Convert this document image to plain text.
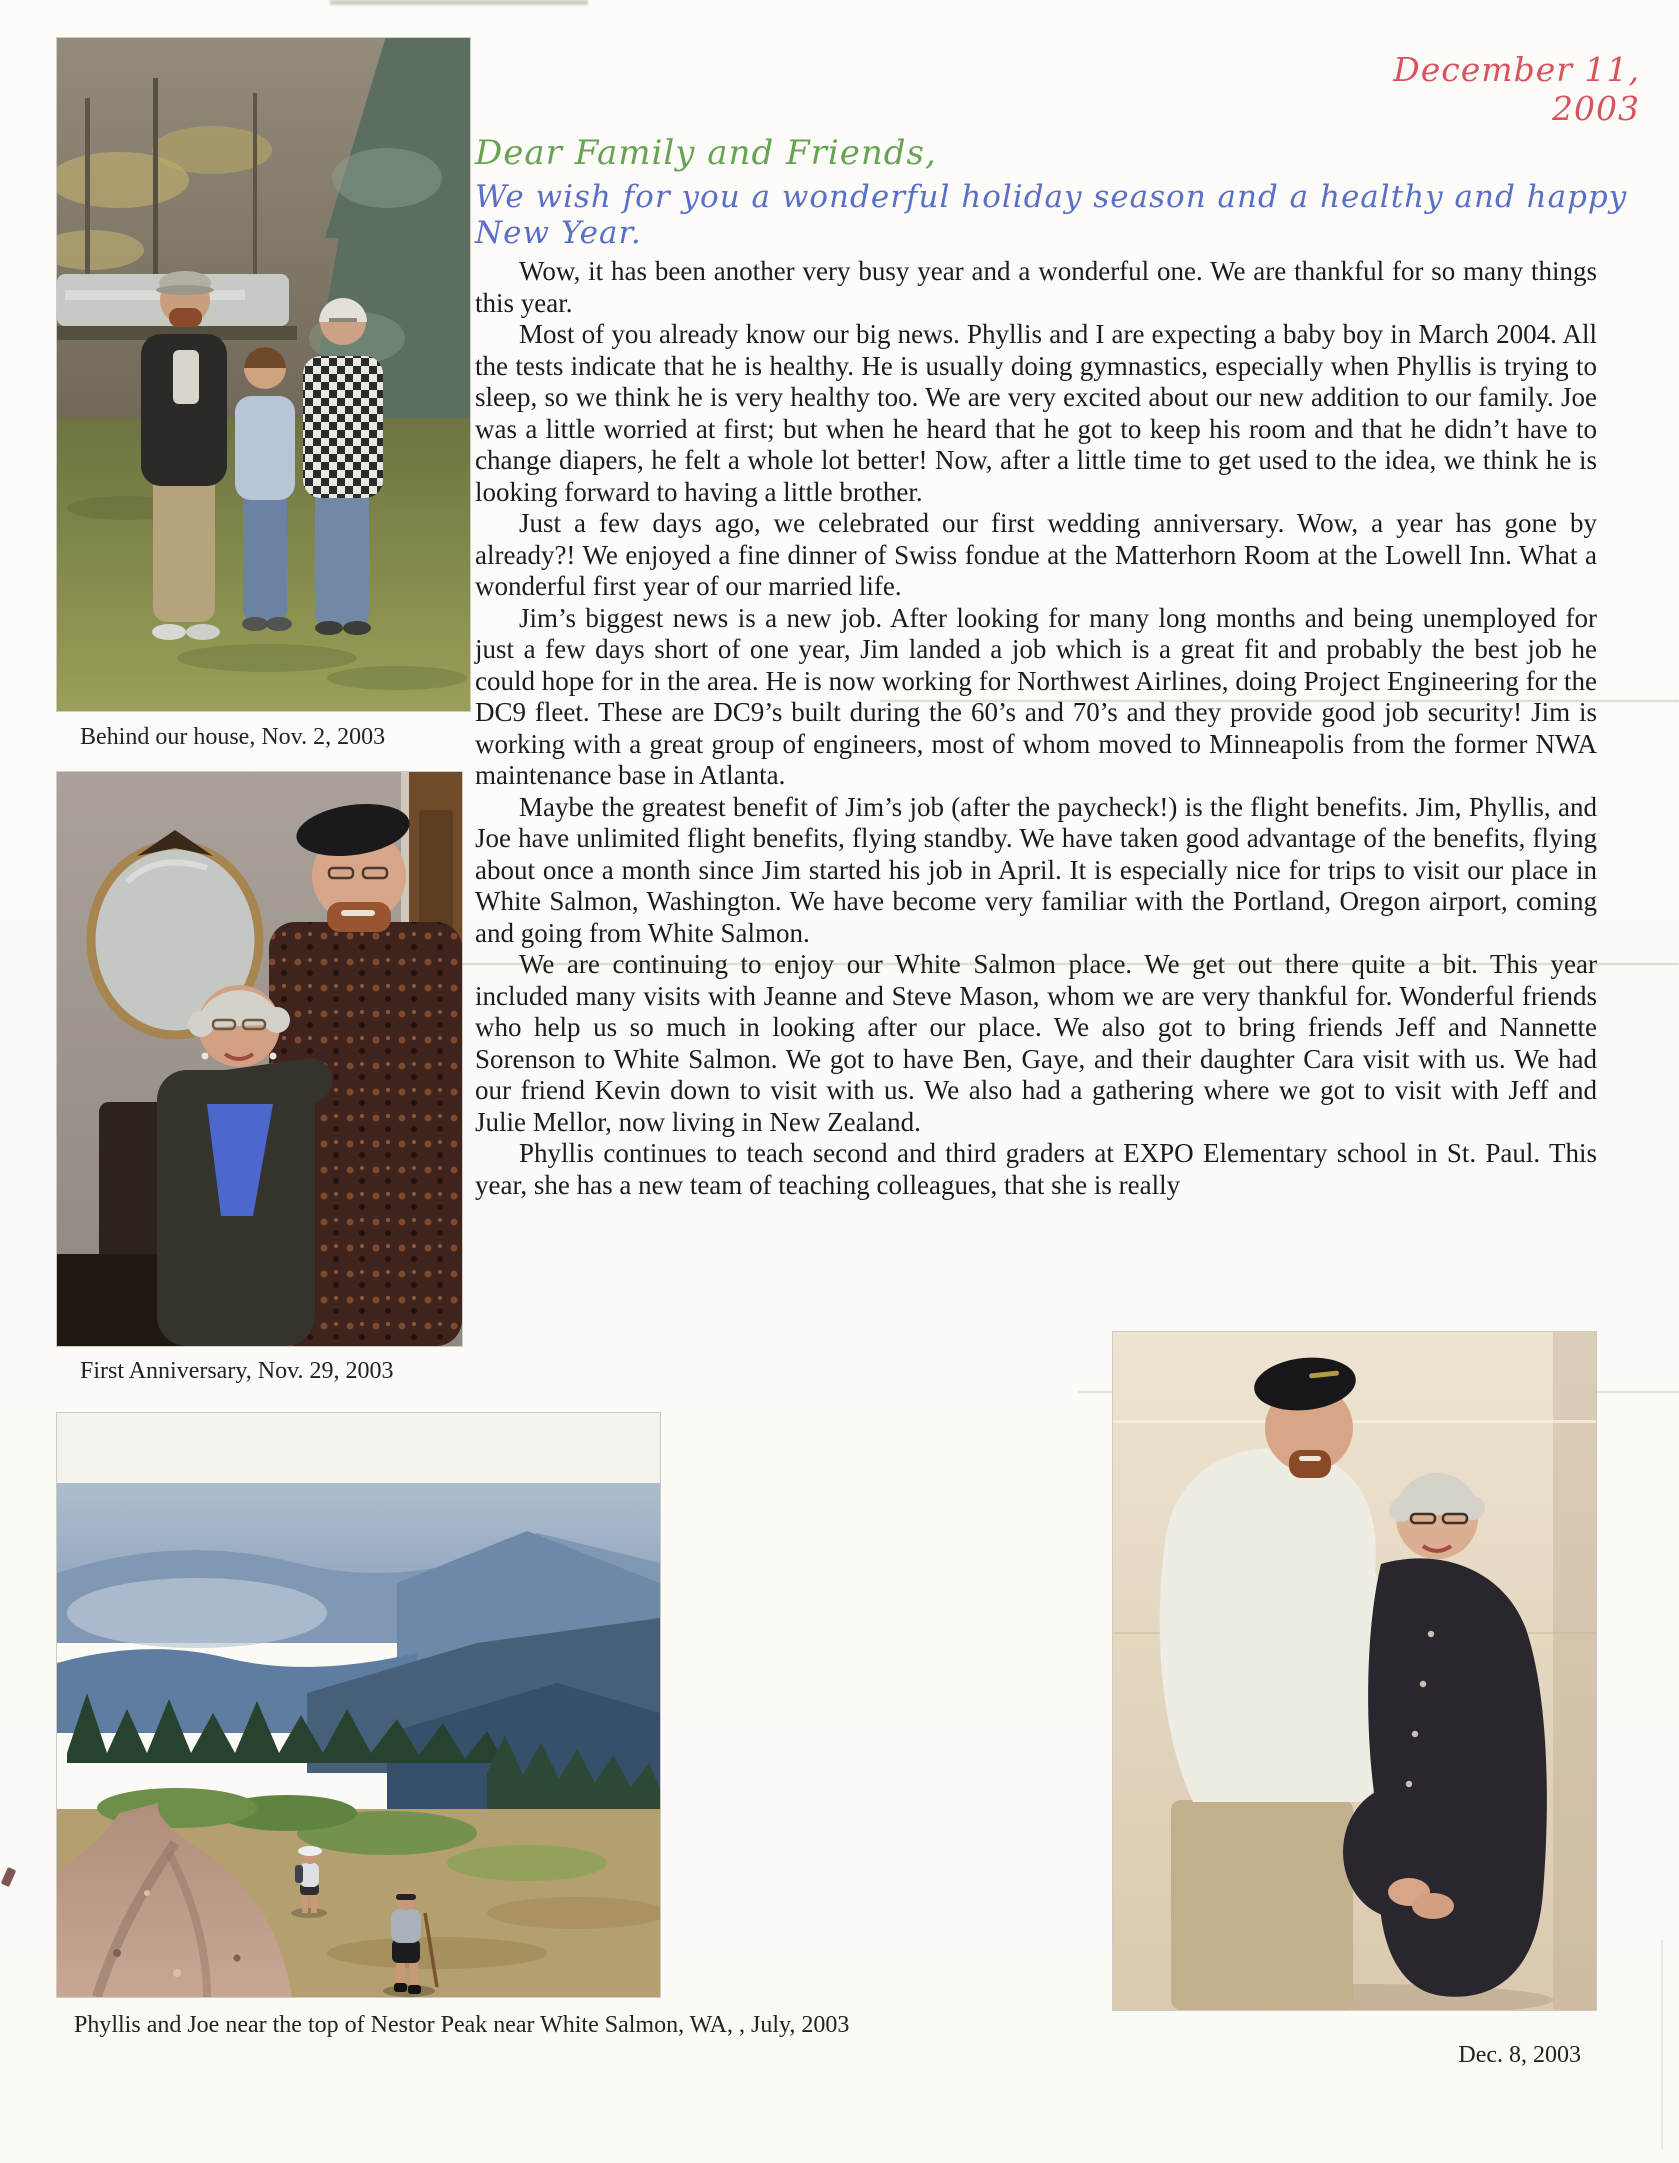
December 11, 2003
Dear Family and Friends,
We wish for you a wonderful holiday season and a healthy and happy New Year.

Wow, it has been another very busy year and a wonderful one. We are thankful for so many things this year.

Most of you already know our big news. Phyllis and I are expecting a baby boy in March 2004. All the tests indicate that he is healthy. He is usually doing gymnastics, especially when Phyllis is trying to sleep, so we think he is very healthy too. We are very excited about our new addition to our family. Joe was a little worried at first; but when he heard that he got to keep his room and that he didn’t have to change diapers, he felt a whole lot better! Now, after a little time to get used to the idea, we think he is looking forward to having a little brother.

Just a few days ago, we celebrated our first wedding anniversary. Wow, a year has gone by already?! We enjoyed a fine dinner of Swiss fondue at the Matterhorn Room at the Lowell Inn. What a wonderful first year of our married life.

Jim’s biggest news is a new job. After looking for many long months and being unemployed for just a few days short of one year, Jim landed a job which is a great fit and probably the best job he could hope for in the area. He is now working for Northwest Airlines, doing Project Engineering for the DC9 fleet. These are DC9’s built during the 60’s and 70’s and they provide good job security! Jim is working with a great group of engineers, most of whom moved to Minneapolis from the former NWA maintenance base in Atlanta.

Maybe the greatest benefit of Jim’s job (after the paycheck!) is the flight benefits. Jim, Phyllis, and Joe have unlimited flight benefits, flying standby. We have taken good advantage of the benefits, flying about once a month since Jim started his job in April. It is especially nice for trips to visit our place in White Salmon, Washington. We have become very familiar with the Portland, Oregon airport, coming and going from White Salmon.

We are continuing to enjoy our White Salmon place. We get out there quite a bit. This year included many visits with Jeanne and Steve Mason, whom we are very thankful for. Wonderful friends who help us so much in looking after our place. We also got to bring friends Jeff and Nannette Sorenson to White Salmon. We got to have Ben, Gaye, and their daughter Cara visit with us. We had our friend Kevin down to visit with us. We also had a gathering where we got to visit with Jeff and Julie Mellor, now living in New Zealand.

Phyllis continues to teach second and third graders at EXPO Elementary school in St. Paul. This year, she has a new team of teaching colleagues, that she is really

Behind our house, Nov. 2, 2003
First Anniversary, Nov. 29, 2003
Phyllis and Joe near the top of Nestor Peak near White Salmon, WA, , July, 2003
Dec. 8, 2003
